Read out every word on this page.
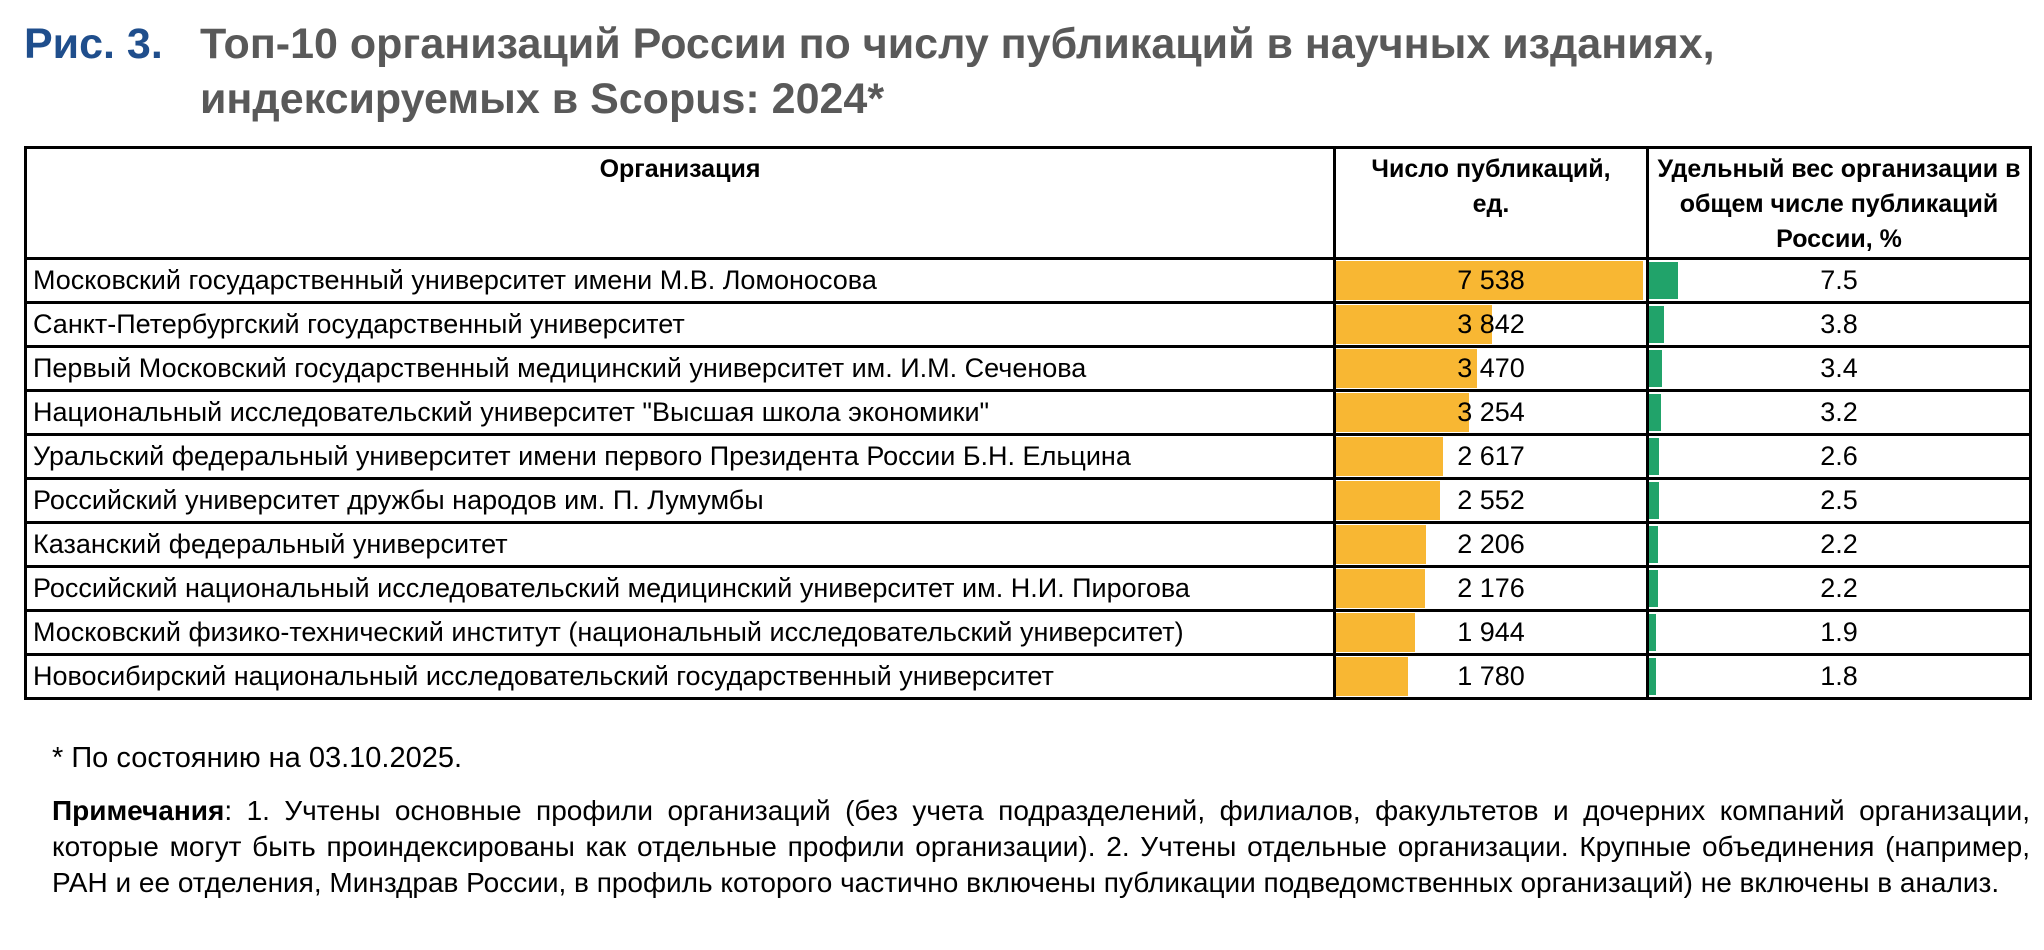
Рис. 3. Топ-10 организаций России по числу публикаций в научных изданиях,
индексируемых в Scopus: 2024*
Организация	Число публикаций, ед.	Удельный вес организации в общем числе публикаций России, %

Московский государственный университет имени М.В. Ломоносова	7 538	7.5

Санкт-Петербургский государственный университет	3 842	3.8

Первый Московский государственный медицинский университет им. И.М. Сеченова	3 470	3.4

Национальный исследовательский университет "Высшая школа экономики"	3 254	3.2

Уральский федеральный университет имени первого Президента России Б.Н. Ельцина	2 617	2.6

Российский университет дружбы народов им. П. Лумумбы	2 552	2.5

Казанский федеральный университет	2 206	2.2

Российский национальный исследовательский медицинский университет им. Н.И. Пирогова	2 176	2.2

Московский физико-технический институт (национальный исследовательский университет)	1 944	1.9

Новосибирский национальный исследовательский государственный университет	1 780	1.8
* По состоянию на 03.10.2025.
Примечания: 1. Учтены основные профили организаций (без учета подразделений, филиалов, факультетов и дочерних компаний организации, которые могут быть проиндексированы как отдельные профили организации). 2. Учтены отдельные организации. Крупные объединения (например, РАН и ее отделения, Минздрав России, в профиль которого частично включены публикации подведомственных организаций) не включены в анализ.
